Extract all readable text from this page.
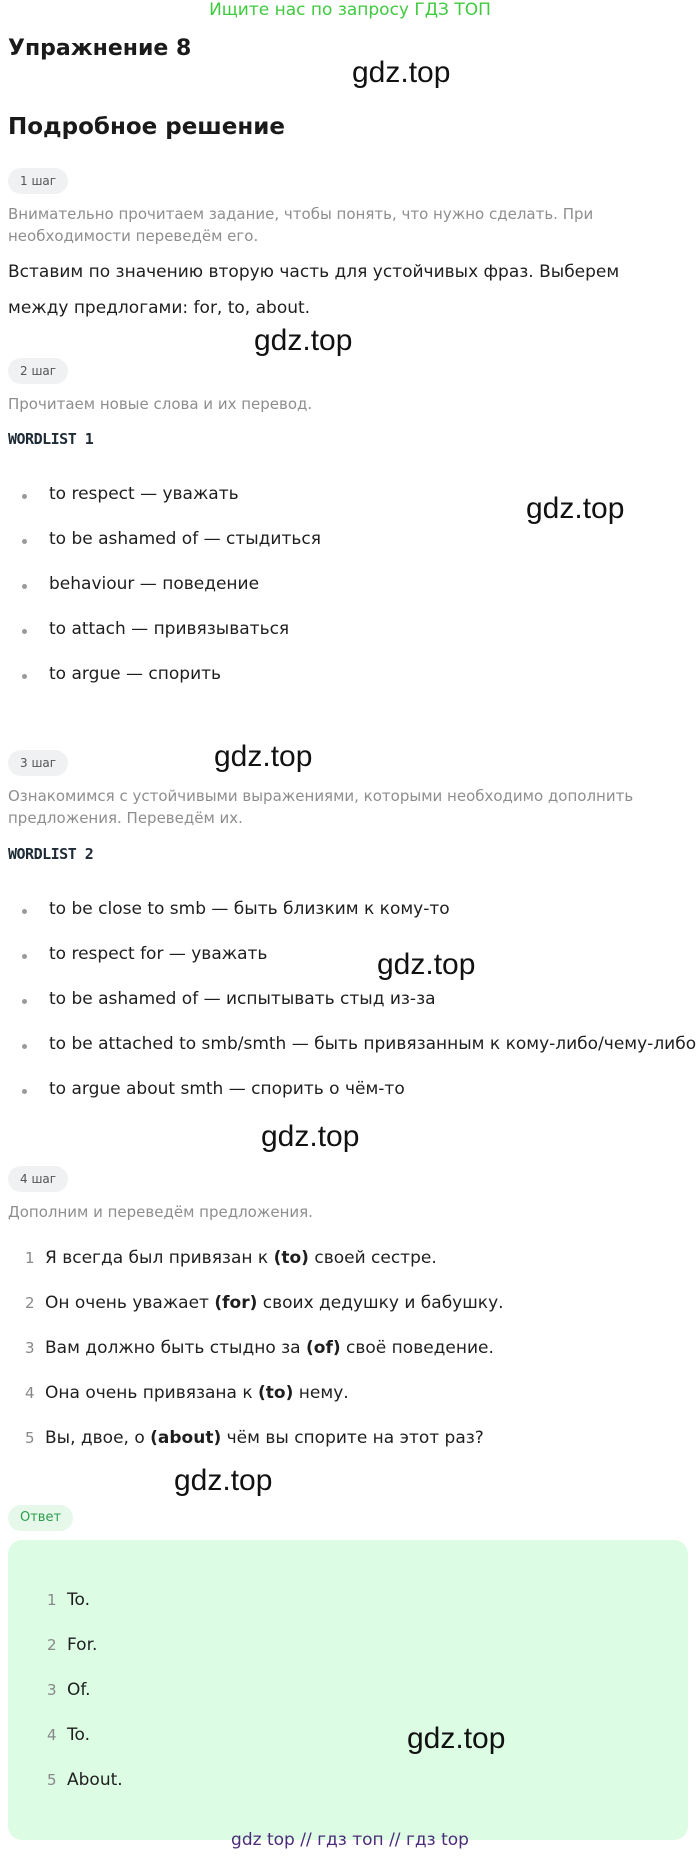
Ищите нас по запросу ГДЗ ТОП
Упражнение 8
gdz.top
Подробное решение
1 шаг
Внимательно прочитаем задание, чтобы понять, что нужно сделать. При необходимости переведём его.
Вставим по значению вторую часть для устойчивых фраз. Выберем между предлогами: for, to, about.
gdz.top
2 шаг
Прочитаем новые слова и их перевод.
WORDLIST 1
to respect — уважать
to be ashamed of — стыдиться
behaviour — поведение
to attach — привязываться
to argue — спорить
gdz.top
3 шаг	gdz.top
Ознакомимся с устойчивыми выражениями, которыми необходимо дополнить предложения. Переведём их.
WORDLIST 2
to be close to smb — быть близким к кому-то
to respect for — уважать
to be ashamed of — испытывать стыд из-за
to be attached to smb/smth — быть привязанным к кому-либо/чему-либо
to argue about smth — спорить о чём-то
gdz.top
gdz.top
4 шаг
Дополним и переведём предложения.
1 Я всегда был привязан к (to) своей сестре.
2 Он очень уважает (for) своих дедушку и бабушку.
3 Вам должно быть стыдно за (of) своё поведение.
4 Она очень привязана к (to) нему.
5 Вы, двое, о (about) чём вы спорите на этот раз?
gdz.top
Ответ
1 To.
2 For.
3 Of.
4 To.
5 About.
gdz.top
gdz top // гдз топ // гдз top
